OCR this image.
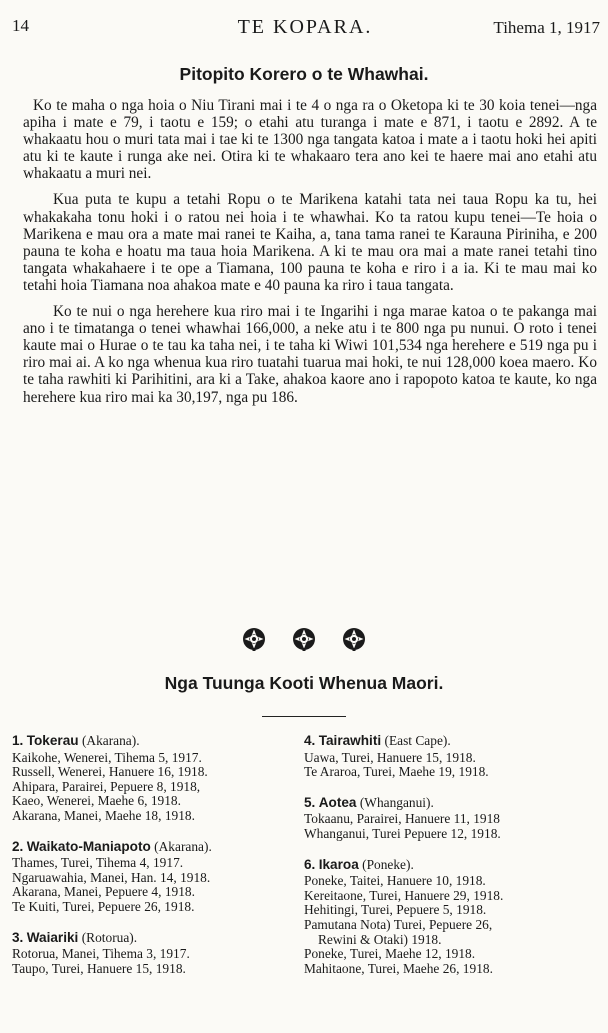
14	TE KOPARA.	Tihema 1, 1917
Pitopito Korero o te Whawhai.

Ko te maha o nga hoia o Niu Tirani mai i te 4 o nga ra o Oketopa ki te 30 koia tenei—nga apiha i mate e 79, i taotu e 159; o etahi atu turanga i mate e 871, i taotu e 2892. A te whakaatu hou o muri tata mai i tae ki te 1300 nga tangata katoa i mate a i taotu hoki hei apiti atu ki te kaute i runga ake nei. Otira ki te whakaaro tera ano kei te haere mai ano etahi atu whakaatu a muri nei.

Kua puta te kupu a tetahi Ropu o te Marikena katahi tata nei taua Ropu ka tu, hei whakakaha tonu hoki i o ratou nei hoia i te whawhai. Ko ta ratou kupu tenei—Te hoia o Marikena e mau ora a mate mai ranei te Kaiha, a, tana tama ranei te Karauna Piriniha, e 200 pauna te koha e hoatu ma taua hoia Marikena. A ki te mau ora mai a mate ranei tetahi tino tangata whakahaere i te ope a Tiamana, 100 pauna te koha e riro i a ia. Ki te mau mai ko tetahi hoia Tiamana noa ahakoa mate e 40 pauna ka riro i taua tangata.

Ko te nui o nga herehere kua riro mai i te Ingarihi i nga marae katoa o te pakanga mai ano i te timatanga o tenei whawhai 166,000, a neke atu i te 800 nga pu nunui. O roto i tenei kaute mai o Hurae o te tau ka taha nei, i te taha ki Wiwi 101,534 nga herehere e 519 nga pu i riro mai ai. A ko nga whenua kua riro tuatahi tuarua mai hoki, te nui 128,000 koea maero. Ko te taha rawhiti ki Parihitini, ara ki a Take, ahakoa kaore ano i rapopoto katoa te kaute, ko nga herehere kua riro mai ka 30,197, nga pu 186.

Nga Tuunga Kooti Whenua Maori.
1. Tokerau (Akarana).
Kaikohe, Wenerei, Tihema 5, 1917.
Russell, Wenerei, Hanuere 16, 1918.
Ahipara, Parairei, Pepuere 8, 1918,
Kaeo, Wenerei, Maehe 6, 1918.
Akarana, Manei, Maehe 18, 1918.
2. Waikato-Maniapoto (Akarana).
Thames, Turei, Tihema 4, 1917.
Ngaruawahia, Manei, Han. 14, 1918.
Akarana, Manei, Pepuere 4, 1918.
Te Kuiti, Turei, Pepuere 26, 1918.
3. Waiariki (Rotorua).
Rotorua, Manei, Tihema 3, 1917.
Taupo, Turei, Hanuere 15, 1918.
4. Tairawhiti (East Cape).
Uawa, Turei, Hanuere 15, 1918.
Te Araroa, Turei, Maehe 19, 1918.
5. Aotea (Whanganui).
Tokaanu, Parairei, Hanuere 11, 1918
Whanganui, Turei Pepuere 12, 1918.
6. Ikaroa (Poneke).
Poneke, Taitei, Hanuere 10, 1918.
Kereitaone, Turei, Hanuere 29, 1918.
Hehitingi, Turei, Pepuere 5, 1918.
Pamutana Nota) Turei, Pepuere 26,
Rewini & Otaki) 1918.
Poneke, Turei, Maehe 12, 1918.
Mahitaone, Turei, Maehe 26, 1918.
